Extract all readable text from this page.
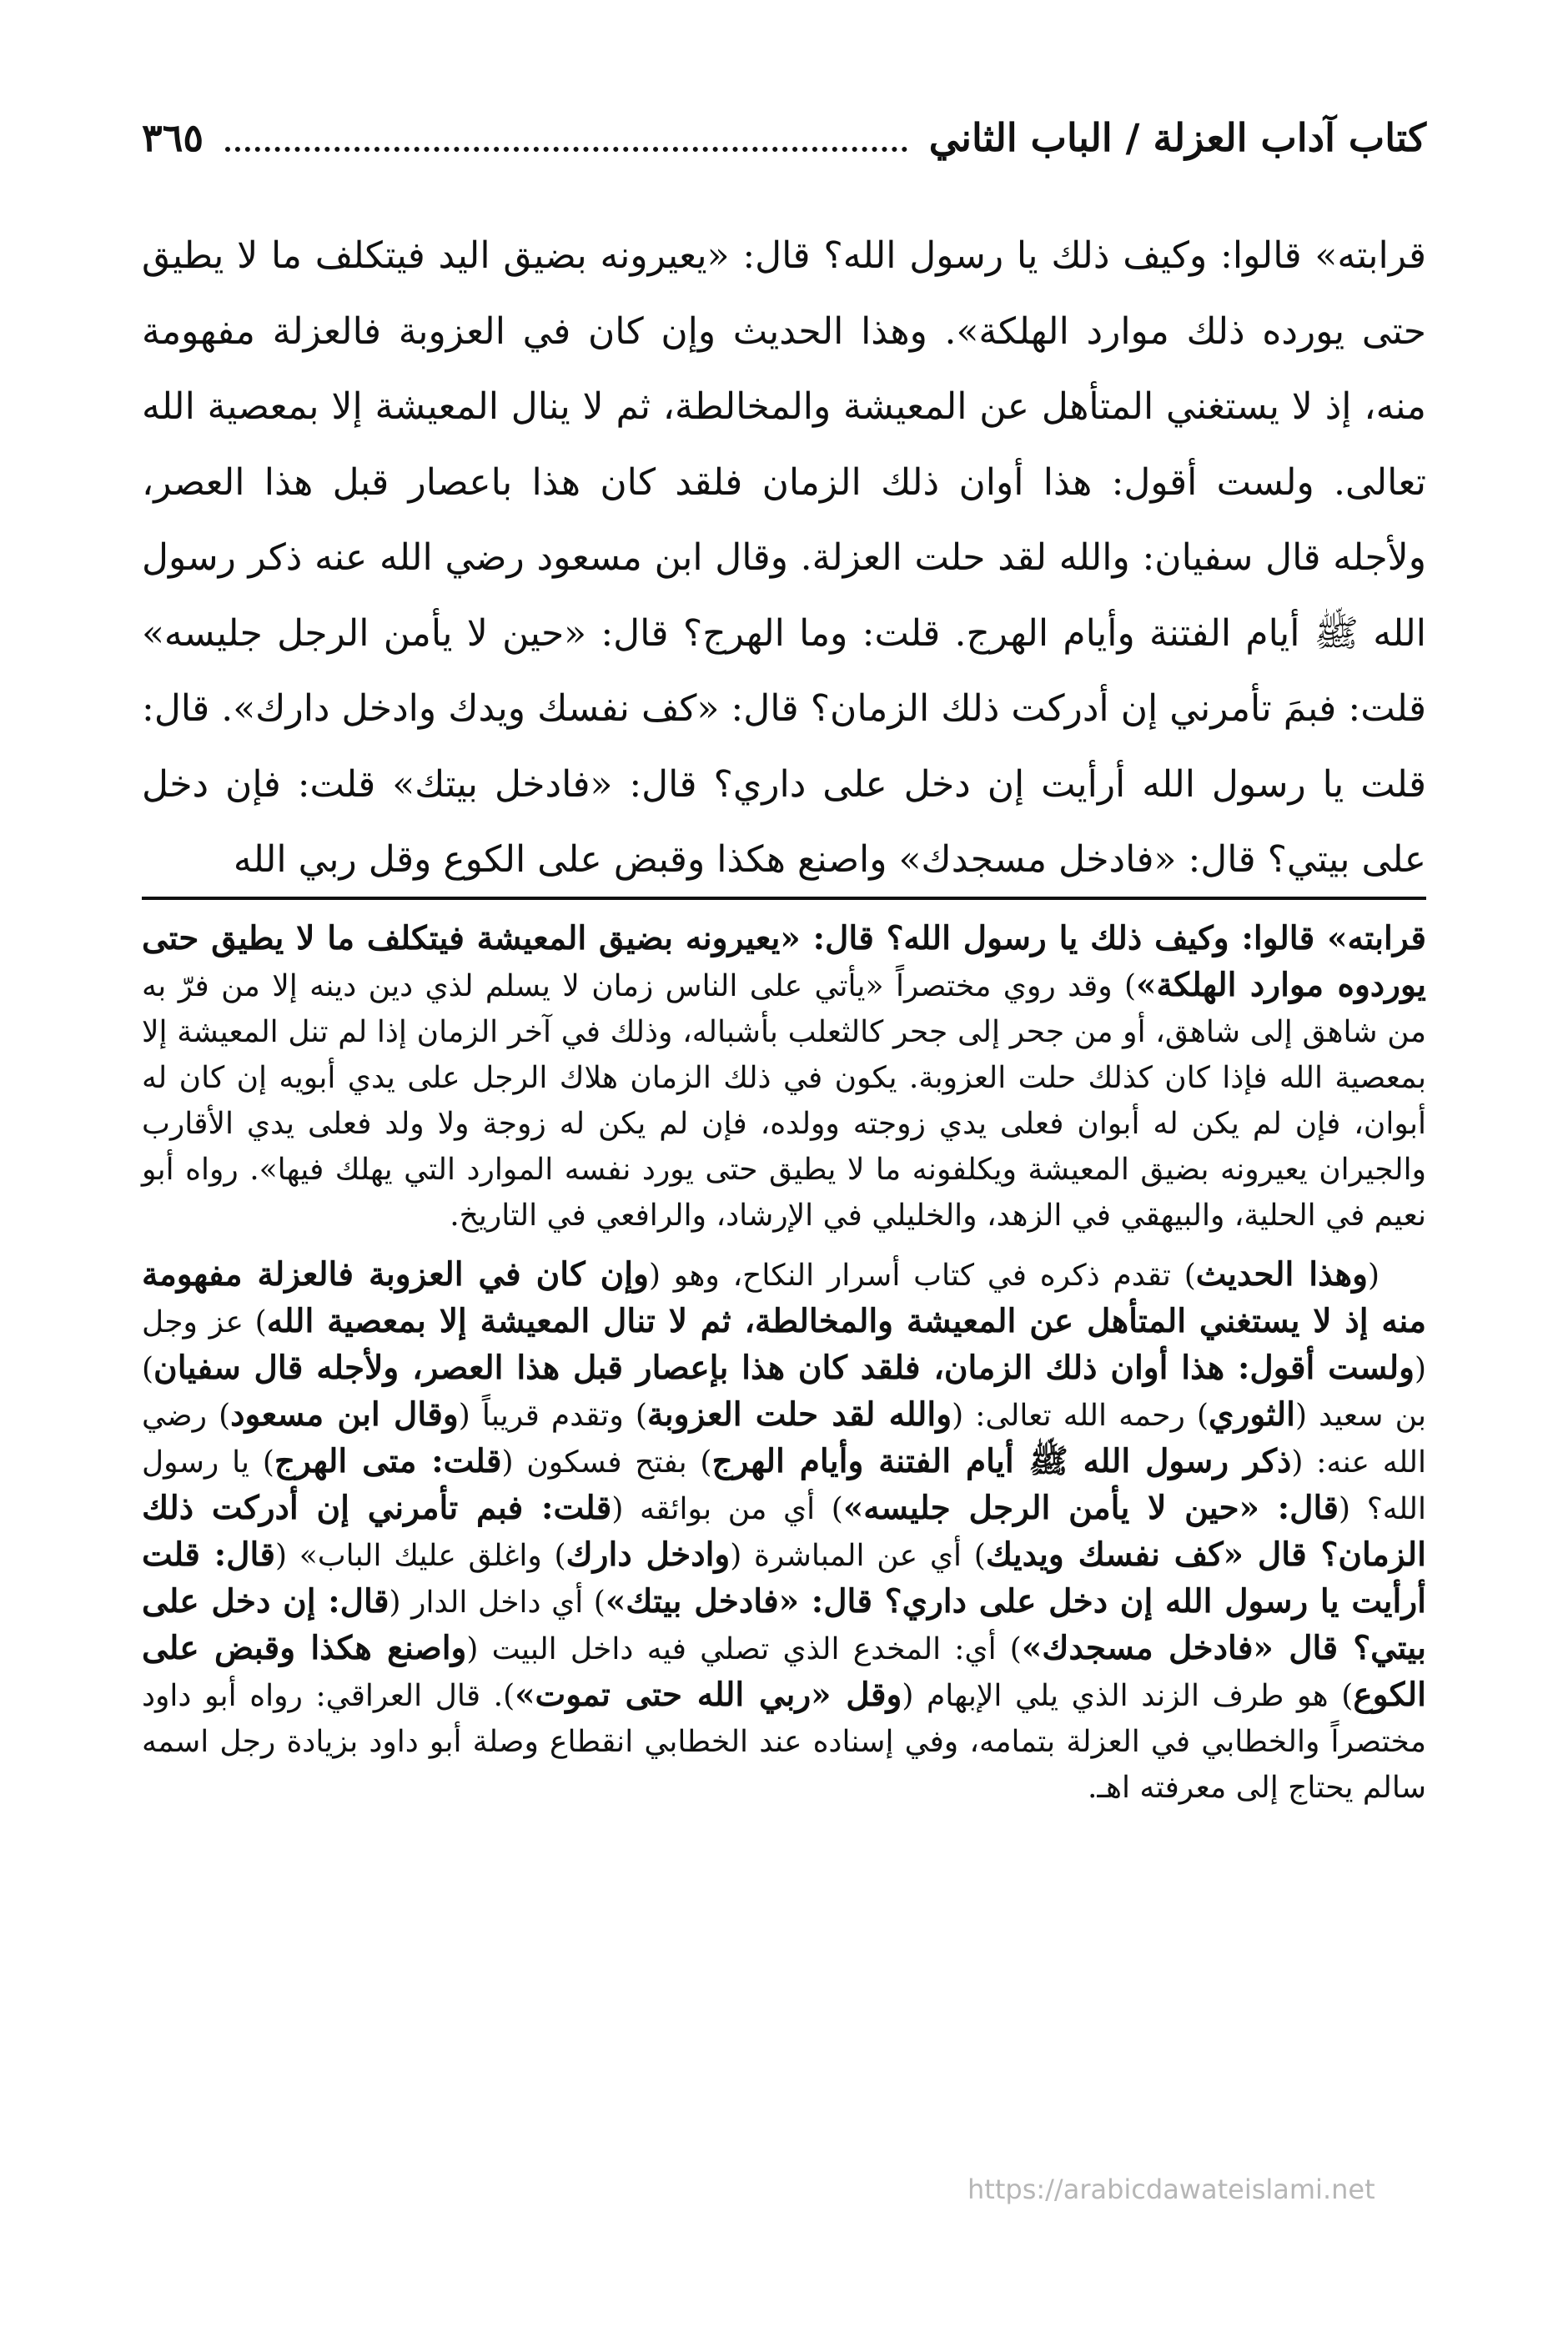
كتاب آداب العزلة / الباب الثاني
٣٦٥
قرابته» قالوا: وكيف ذلك يا رسول الله؟ قال: «يعيرونه بضيق اليد فيتكلف ما لا يطيق حتى يورده ذلك موارد الهلكة». وهذا الحديث وإن كان في العزوبة فالعزلة مفهومة منه، إذ لا يستغني المتأهل عن المعيشة والمخالطة، ثم لا ينال المعيشة إلا بمعصية الله تعالى. ولست أقول: هذا أوان ذلك الزمان فلقد كان هذا باعصار قبل هذا العصر، ولأجله قال سفيان: والله لقد حلت العزلة. وقال ابن مسعود رضي الله عنه ذكر رسول الله ﷺ أيام الفتنة وأيام الهرج. قلت: وما الهرج؟ قال: «حين لا يأمن الرجل جليسه» قلت: فبمَ تأمرني إن أدركت ذلك الزمان؟ قال: «كف نفسك ويدك وادخل دارك». قال: قلت يا رسول الله أرأيت إن دخل على داري؟ قال: «فادخل بيتك» قلت: فإن دخل على بيتي؟ قال: «فادخل مسجدك» واصنع هكذا وقبض على الكوع وقل ربي الله

قرابته» قالوا: وكيف ذلك يا رسول الله؟ قال: «يعيرونه بضيق المعيشة فيتكلف ما لا يطيق حتى يوردوه موارد الهلكة») وقد روي مختصراً «يأتي على الناس زمان لا يسلم لذي دين دينه إلا من فرّ به من شاهق إلى شاهق، أو من جحر إلى جحر كالثعلب بأشباله، وذلك في آخر الزمان إذا لم تنل المعيشة إلا بمعصية الله فإذا كان كذلك حلت العزوبة. يكون في ذلك الزمان هلاك الرجل على يدي أبويه إن كان له أبوان، فإن لم يكن له أبوان فعلى يدي زوجته وولده، فإن لم يكن له زوجة ولا ولد فعلى يدي الأقارب والجيران يعيرونه بضيق المعيشة ويكلفونه ما لا يطيق حتى يورد نفسه الموارد التي يهلك فيها». رواه أبو نعيم في الحلية، والبيهقي في الزهد، والخليلي في الإرشاد، والرافعي في التاريخ.

(وهذا الحديث) تقدم ذكره في كتاب أسرار النكاح، وهو (وإن كان في العزوبة فالعزلة مفهومة منه إذ لا يستغني المتأهل عن المعيشة والمخالطة، ثم لا تنال المعيشة إلا بمعصية الله) عز وجل (ولست أقول: هذا أوان ذلك الزمان، فلقد كان هذا بإعصار قبل هذا العصر، ولأجله قال سفيان) بن سعيد (الثوري) رحمه الله تعالى: (والله لقد حلت العزوبة) وتقدم قريباً (وقال ابن مسعود) رضي الله عنه: (ذكر رسول الله ﷺ أيام الفتنة وأيام الهرج) بفتح فسكون (قلت: متى الهرج) يا رسول الله؟ (قال: «حين لا يأمن الرجل جليسه») أي من بوائقه (قلت: فبم تأمرني إن أدركت ذلك الزمان؟ قال «كف نفسك ويديك) أي عن المباشرة (وادخل دارك) واغلق عليك الباب» (قال: قلت أرأيت يا رسول الله إن دخل على داري؟ قال: «فادخل بيتك») أي داخل الدار (قال: إن دخل على بيتي؟ قال «فادخل مسجدك») أي: المخدع الذي تصلي فيه داخل البيت (واصنع هكذا وقبض على الكوع) هو طرف الزند الذي يلي الإبهام (وقل «ربي الله حتى تموت»). قال العراقي: رواه أبو داود مختصراً والخطابي في العزلة بتمامه، وفي إسناده عند الخطابي انقطاع وصلة أبو داود بزيادة رجل اسمه سالم يحتاج إلى معرفته اهـ.

https://arabicdawateislami.net
